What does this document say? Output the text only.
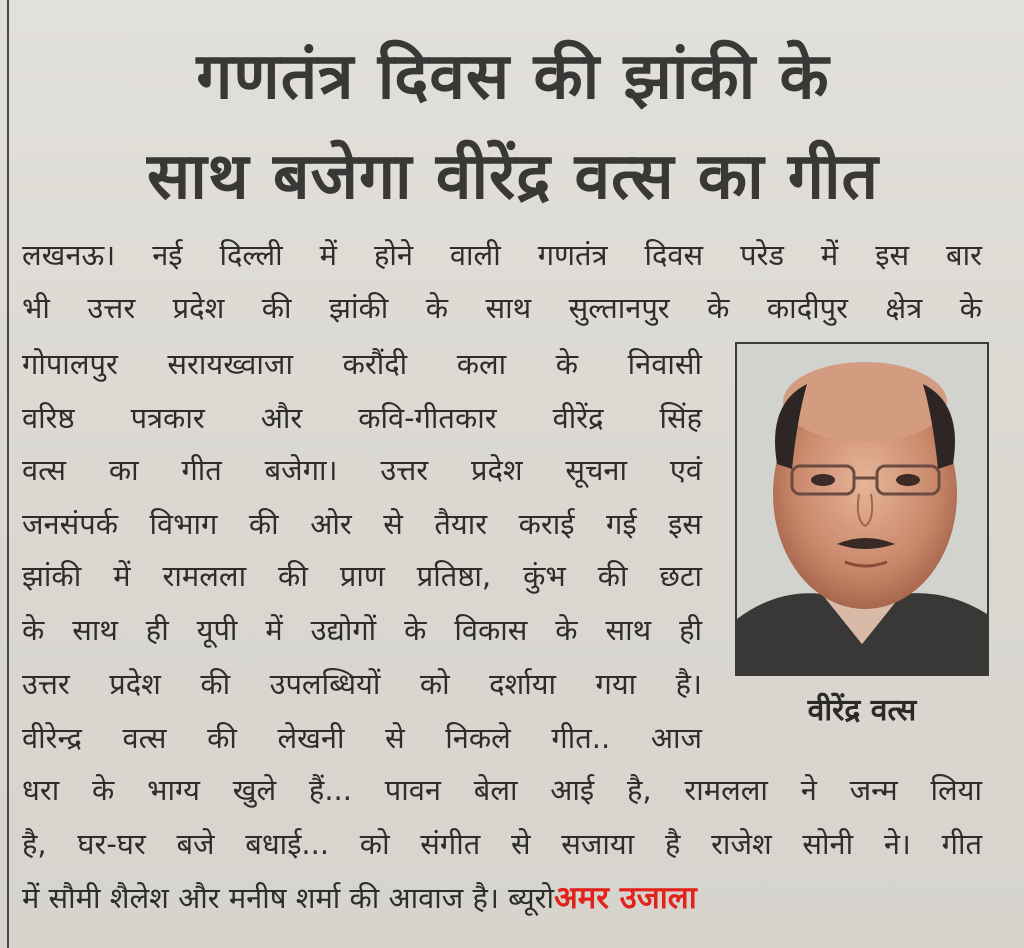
गणतंत्र दिवस की झांकी के
साथ बजेगा वीरेंद्र वत्स का गीत
लखनऊ। नई दिल्ली में होने वाली गणतंत्र दिवस परेड में इस बार
भी उत्तर प्रदेश की झांकी के साथ सुल्तानपुर के कादीपुर क्षेत्र के
गोपालपुर सरायख्वाजा करौंदी कला के निवासी
वरिष्ठ पत्रकार और कवि-गीतकार वीरेंद्र सिंह
वत्स का गीत बजेगा। उत्तर प्रदेश सूचना एवं
जनसंपर्क विभाग की ओर से तैयार कराई गई इस
झांकी में रामलला की प्राण प्रतिष्ठा, कुंभ की छटा
के साथ ही यूपी में उद्योगों के विकास के साथ ही
उत्तर प्रदेश की उपलब्धियों को दर्शाया गया है।
वीरेन्द्र वत्स की लेखनी से निकले गीत.. आज
धरा के भाग्य खुले हैं... पावन बेला आई है, रामलला ने जन्म लिया
है, घर-घर बजे बधाई... को संगीत से सजाया है राजेश सोनी ने। गीत
में सौमी शैलेश और मनीष शर्मा की आवाज है। ब्यूरोअमर उजाला
वीरेंद्र वत्स
